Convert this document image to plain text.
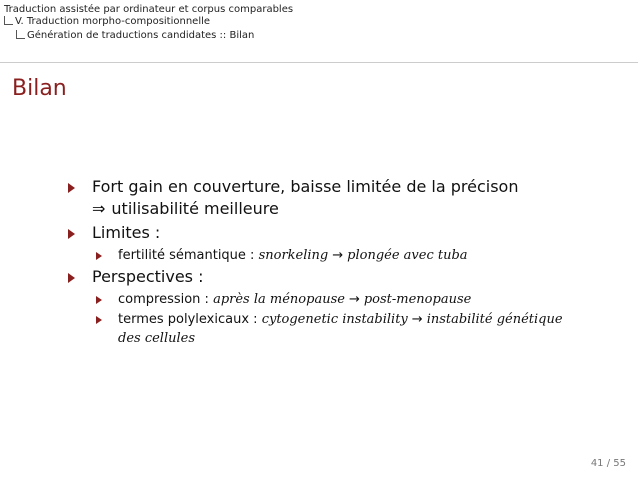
Traduction assistée par ordinateur et corpus comparables
V. Traduction morpho-compositionnelle
Génération de traductions candidates :: Bilan
Bilan
Fort gain en couverture, baisse limitée de la précison
⇒ utilisabilité meilleure
Limites :
fertilité sémantique : snorkeling → plongée avec tuba
Perspectives :
compression : après la ménopause → post-menopause
termes polylexicaux : cytogenetic instability → instabilité génétique des cellules
41 / 55
